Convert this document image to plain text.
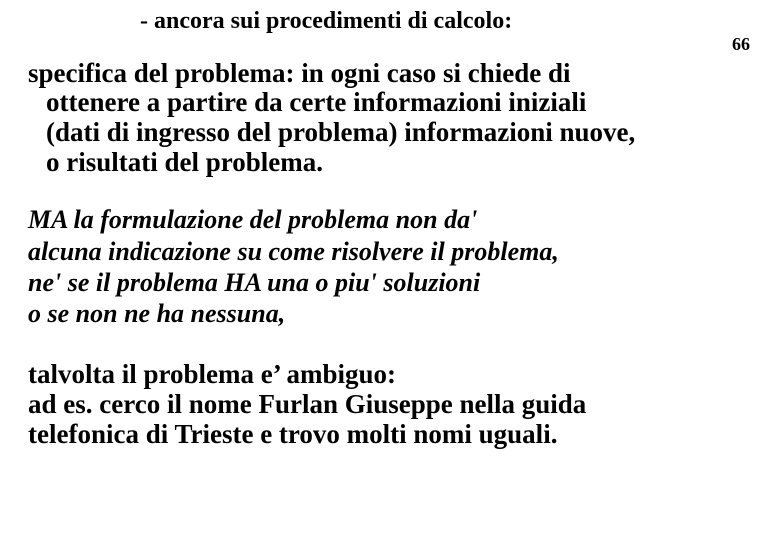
- ancora sui procedimenti di calcolo:
66
specifica del problema: in ogni caso si chiede di
ottenere a partire da certe informazioni iniziali
(dati di ingresso del problema) informazioni nuove,
o risultati del problema.
MA la formulazione del problema non da'
alcuna indicazione su come risolvere il problema,
ne' se il problema HA una o piu' soluzioni
o se non ne ha nessuna,
talvolta il problema e’ ambiguo:
ad es. cerco il nome Furlan Giuseppe nella guida
telefonica di Trieste e trovo molti nomi uguali.
